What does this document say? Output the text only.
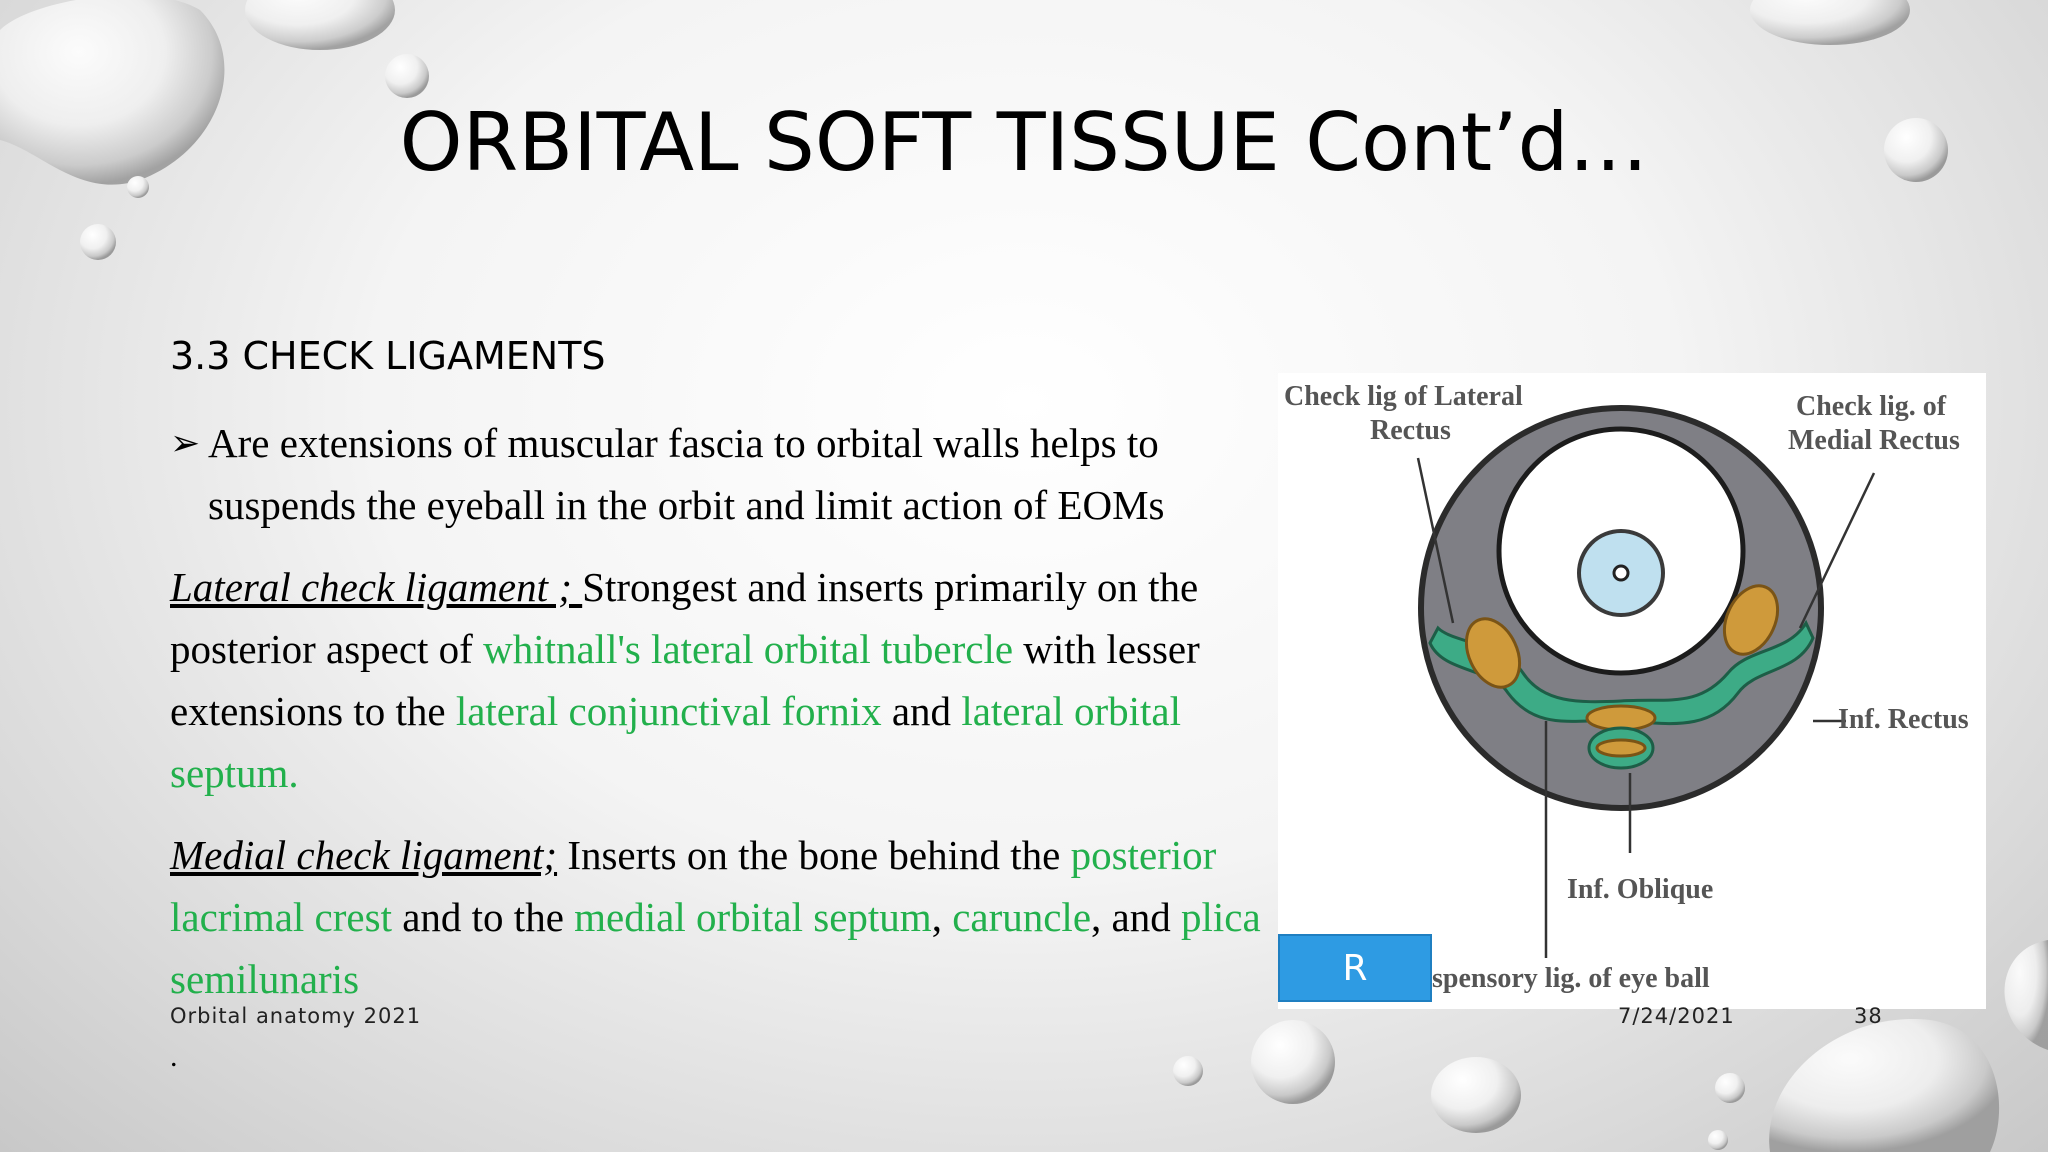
ORBITAL SOFT TISSUE Cont’d…
3.3 CHECK LIGAMENTS
➢ Are extensions of muscular fascia to orbital walls helps to suspends the eyeball in the orbit and limit action of EOMs
Lateral check ligament ; Strongest and inserts primarily on the posterior aspect of whitnall's lateral orbital tubercle with lesser extensions to the lateral conjunctival fornix and lateral orbital septum.
Medial check ligament; Inserts on the bone behind the posterior lacrimal crest and to the medial orbital septum, caruncle, and plica semilunaris
Check lig of Lateral
Rectus
Check lig. of
Medial Rectus
Inf. Rectus
Inf. Oblique
spensory lig. of eye ball
R
Orbital anatomy 2021	7/24/2021	38
.
